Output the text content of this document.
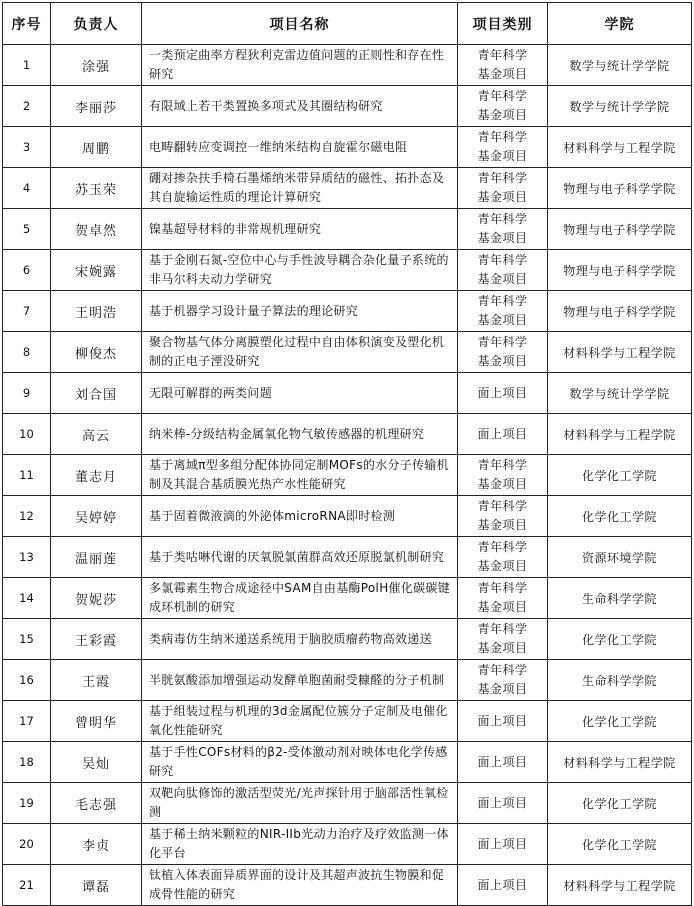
序号	负责人	项目名称	项目类别	学院
1	涂强	一类预定曲率方程狄利克雷边值问题的正则性和存在性研究	青年科学基金项目	数学与统计学学院
2	李丽莎	有限域上若干类置换多项式及其圈结构研究	青年科学基金项目	数学与统计学学院
3	周鹏	电畴翻转应变调控一维纳米结构自旋霍尔磁电阻	青年科学基金项目	材料科学与工程学院
4	苏玉荣	硼对掺杂扶手椅石墨烯纳米带异质结的磁性、拓扑态及其自旋输运性质的理论计算研究	青年科学基金项目	物理与电子科学学院
5	贺卓然	镍基超导材料的非常规机理研究	青年科学基金项目	物理与电子科学学院
6	宋婉露	基于金刚石氮-空位中心与手性波导耦合杂化量子系统的非马尔科夫动力学研究	青年科学基金项目	物理与电子科学学院
7	王明浩	基于机器学习设计量子算法的理论研究	青年科学基金项目	物理与电子科学学院
8	柳俊杰	聚合物基气体分离膜塑化过程中自由体积演变及塑化机制的正电子湮没研究	青年科学基金项目	材料科学与工程学院
9	刘合国	无限可解群的两类问题	面上项目	数学与统计学学院
10	高云	纳米棒-分级结构金属氧化物气敏传感器的机理研究	面上项目	材料科学与工程学院
11	董志月	基于离域π型多组分配体协同定制MOFs的水分子传输机制及其混合基质膜光热产水性能研究	青年科学基金项目	化学化工学院
12	吴婷婷	基于固着微液滴的外泌体microRNA即时检测	青年科学基金项目	化学化工学院
13	温丽莲	基于类咕啉代谢的厌氧脱氯菌群高效还原脱氯机制研究	青年科学基金项目	资源环境学院
14	贺妮莎	多氯霉素生物合成途径中SAM自由基酶PolH催化碳碳键成环机制的研究	青年科学基金项目	生命科学学院
15	王彩霞	类病毒仿生纳米递送系统用于脑胶质瘤药物高效递送	青年科学基金项目	化学化工学院
16	王霞	半胱氨酸添加增强运动发酵单胞菌耐受糠醛的分子机制	青年科学基金项目	生命科学学院
17	曾明华	基于组装过程与机理的3d金属配位簇分子定制及电催化氧化性能研究	面上项目	化学化工学院
18	吴灿	基于手性COFs材料的β2-受体激动剂对映体电化学传感研究	面上项目	材料科学与工程学院
19	毛志强	双靶向肽修饰的激活型荧光/光声探针用于脑部活性氧检测	面上项目	化学化工学院
20	李贞	基于稀土纳米颗粒的NIR-IIb光动力治疗及疗效监测一体化平台	面上项目	化学化工学院
21	谭磊	钛植入体表面异质界面的设计及其超声波抗生物膜和促成骨性能的研究	面上项目	材料科学与工程学院
